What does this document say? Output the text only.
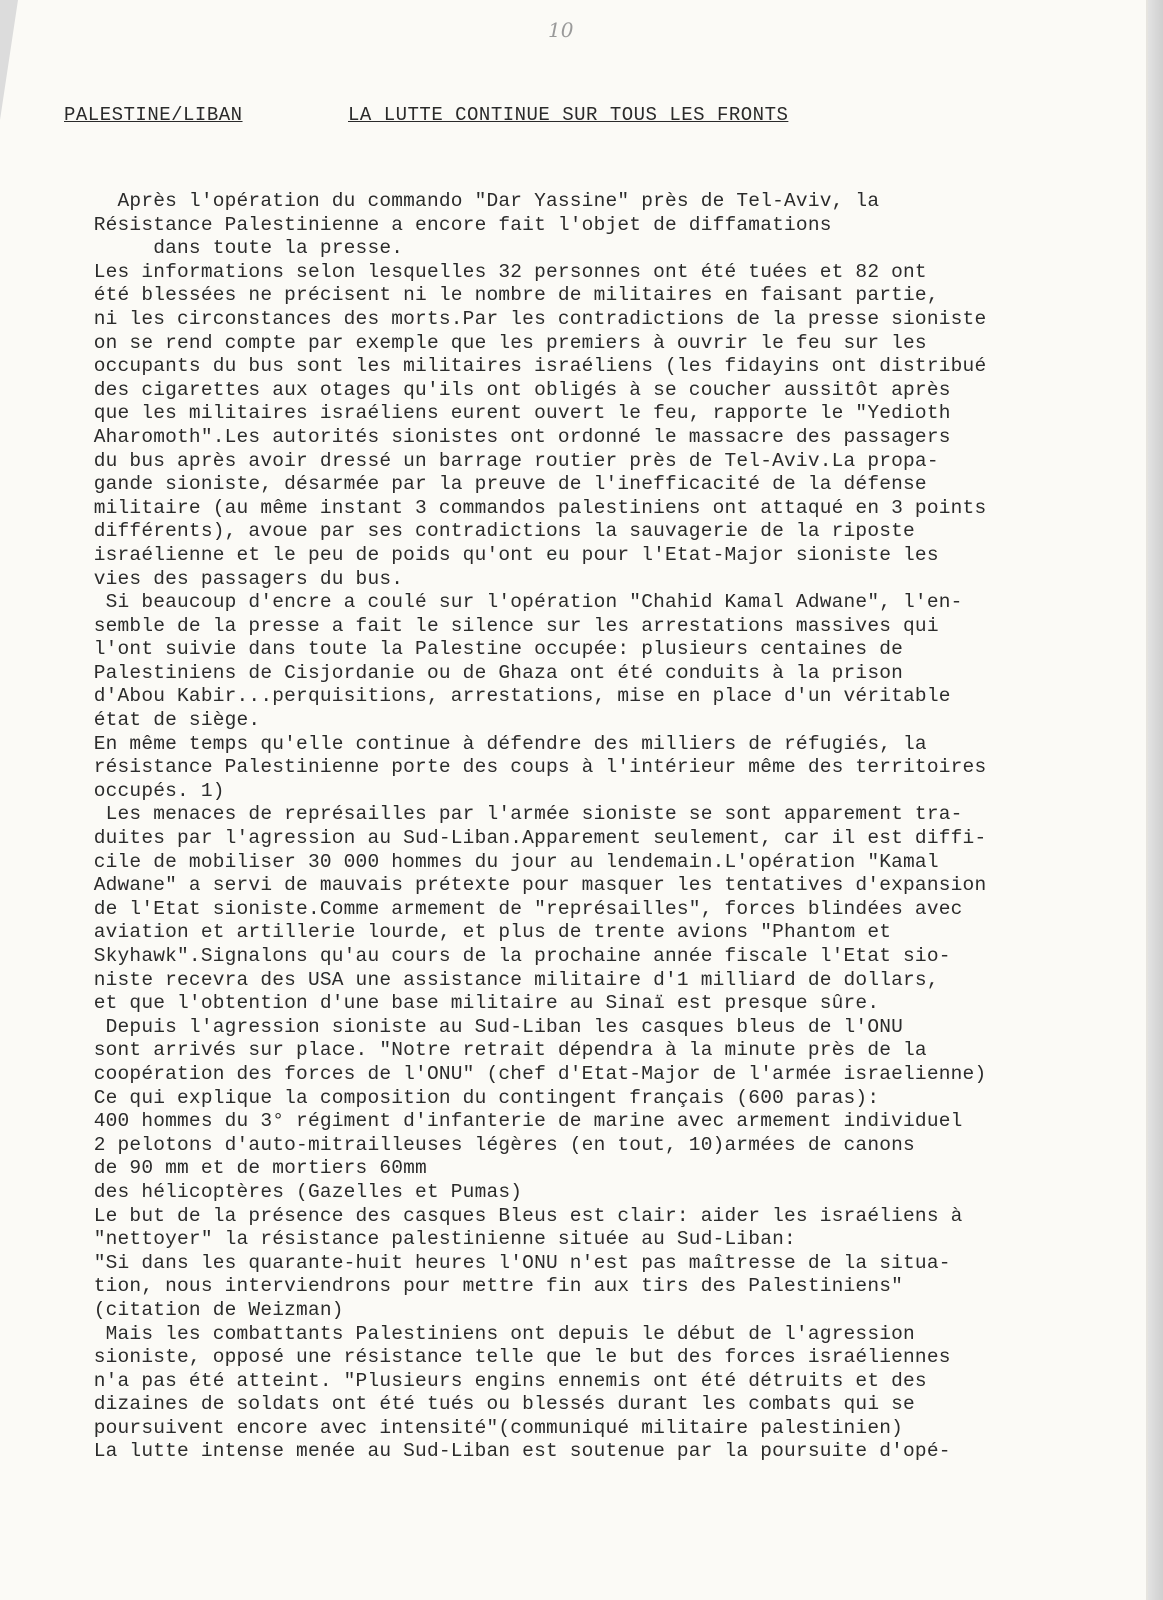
10
PALESTINE/LIBAN	LA LUTTE CONTINUE SUR TOUS LES FRONTS
Après l'opération du commando "Dar Yassine" près de Tel-Aviv, la
Résistance Palestinienne a encore fait l'objet de diffamations
dans toute la presse.
Les informations selon lesquelles 32 personnes ont été tuées et 82 ont
été blessées ne précisent ni le nombre de militaires en faisant partie,
ni les circonstances des morts.Par les contradictions de la presse sioniste
on se rend compte par exemple que les premiers à ouvrir le feu sur les
occupants du bus sont les militaires israéliens (les fidayins ont distribué
des cigarettes aux otages qu'ils ont obligés à se coucher aussitôt après
que les militaires israéliens eurent ouvert le feu, rapporte le "Yedioth
Aharomoth".Les autorités sionistes ont ordonné le massacre des passagers
du bus après avoir dressé un barrage routier près de Tel-Aviv.La propa-
gande sioniste, désarmée par la preuve de l'inefficacité de la défense
militaire (au même instant 3 commandos palestiniens ont attaqué en 3 points
différents), avoue par ses contradictions la sauvagerie de la riposte
israélienne et le peu de poids qu'ont eu pour l'Etat-Major sioniste les
vies des passagers du bus.
Si beaucoup d'encre a coulé sur l'opération "Chahid Kamal Adwane", l'en-
semble de la presse a fait le silence sur les arrestations massives qui
l'ont suivie dans toute la Palestine occupée: plusieurs centaines de
Palestiniens de Cisjordanie ou de Ghaza ont été conduits à la prison
d'Abou Kabir...perquisitions, arrestations, mise en place d'un véritable
état de siège.
En même temps qu'elle continue à défendre des milliers de réfugiés, la
résistance Palestinienne porte des coups à l'intérieur même des territoires
occupés. 1)
Les menaces de représailles par l'armée sioniste se sont apparement tra-
duites par l'agression au Sud-Liban.Apparement seulement, car il est diffi-
cile de mobiliser 30 000 hommes du jour au lendemain.L'opération "Kamal
Adwane" a servi de mauvais prétexte pour masquer les tentatives d'expansion
de l'Etat sioniste.Comme armement de "représailles", forces blindées avec
aviation et artillerie lourde, et plus de trente avions "Phantom et
Skyhawk".Signalons qu'au cours de la prochaine année fiscale l'Etat sio-
niste recevra des USA une assistance militaire d'1 milliard de dollars,
et que l'obtention d'une base militaire au Sinaï est presque sûre.
Depuis l'agression sioniste au Sud-Liban les casques bleus de l'ONU
sont arrivés sur place. "Notre retrait dépendra à la minute près de la
coopération des forces de l'ONU" (chef d'Etat-Major de l'armée israelienne)
Ce qui explique la composition du contingent français (600 paras):
400 hommes du 3° régiment d'infanterie de marine avec armement individuel
2 pelotons d'auto-mitrailleuses légères (en tout, 10)armées de canons
de 90 mm et de mortiers 60mm
des hélicoptères (Gazelles et Pumas)
Le but de la présence des casques Bleus est clair: aider les israéliens à
"nettoyer" la résistance palestinienne située au Sud-Liban:
"Si dans les quarante-huit heures l'ONU n'est pas maîtresse de la situa-
tion, nous interviendrons pour mettre fin aux tirs des Palestiniens"
(citation de Weizman)
Mais les combattants Palestiniens ont depuis le début de l'agression
sioniste, opposé une résistance telle que le but des forces israéliennes
n'a pas été atteint. "Plusieurs engins ennemis ont été détruits et des
dizaines de soldats ont été tués ou blessés durant les combats qui se
poursuivent encore avec intensité"(communiqué militaire palestinien)
La lutte intense menée au Sud-Liban est soutenue par la poursuite d'opé-
